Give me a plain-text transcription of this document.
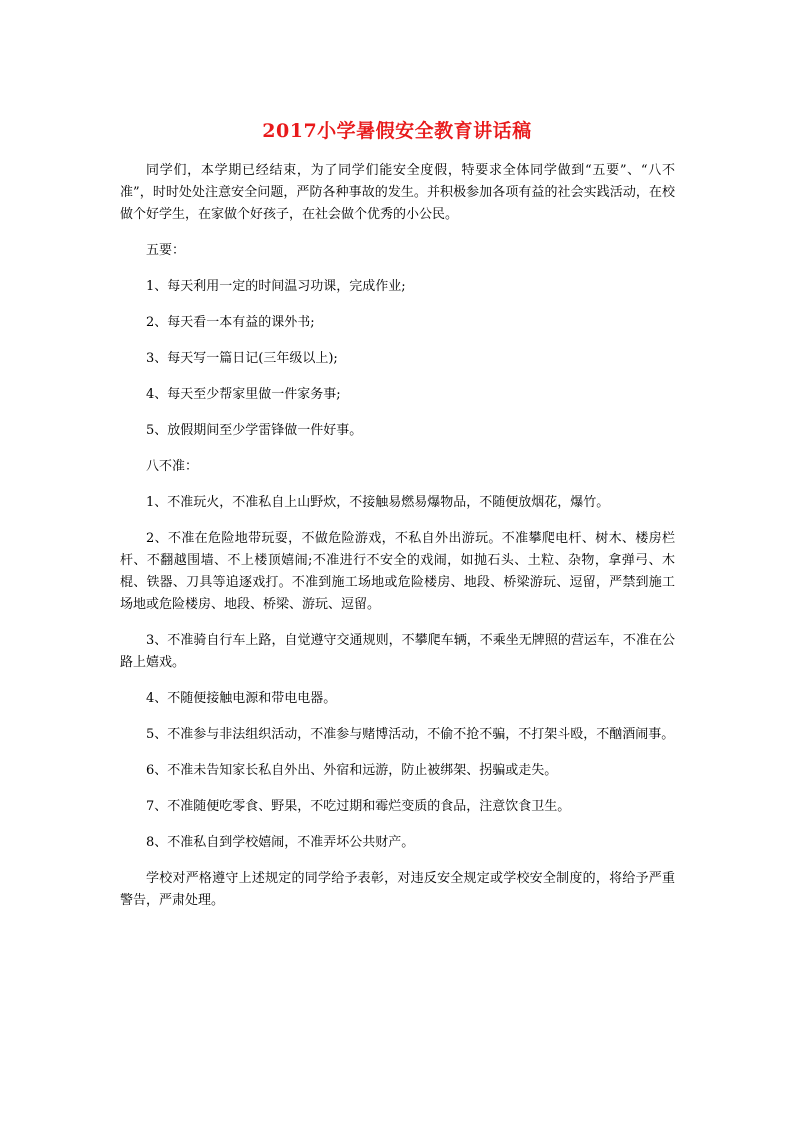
2017小学暑假安全教育讲话稿

同学们，本学期已经结束，为了同学们能安全度假，特要求全体同学做到“五要”、“八不准”，时时处处注意安全问题，严防各种事故的发生。并积极参加各项有益的社会实践活动，在校做个好学生，在家做个好孩子，在社会做个优秀的小公民。

五要：

1、每天利用一定的时间温习功课，完成作业;

2、每天看一本有益的课外书;

3、每天写一篇日记(三年级以上);

4、每天至少帮家里做一件家务事;

5、放假期间至少学雷锋做一件好事。

八不准：

1、不准玩火，不准私自上山野炊，不接触易燃易爆物品，不随便放烟花，爆竹。

2、不准在危险地带玩耍，不做危险游戏，不私自外出游玩。不准攀爬电杆、树木、楼房栏杆、不翻越围墙、不上楼顶嬉闹;不准进行不安全的戏闹，如抛石头、土粒、杂物，拿弹弓、木棍、铁器、刀具等追逐戏打。不准到施工场地或危险楼房、地段、桥梁游玩、逗留，严禁到施工场地或危险楼房、地段、桥梁、游玩、逗留。

3、不准骑自行车上路，自觉遵守交通规则，不攀爬车辆，不乘坐无牌照的营运车，不准在公路上嬉戏。

4、不随便接触电源和带电电器。

5、不准参与非法组织活动，不准参与赌博活动，不偷不抢不骗，不打架斗殴，不酗酒闹事。

6、不准未告知家长私自外出、外宿和远游，防止被绑架、拐骗或走失。

7、不准随便吃零食、野果，不吃过期和霉烂变质的食品，注意饮食卫生。

8、不准私自到学校嬉闹，不准弄坏公共财产。

学校对严格遵守上述规定的同学给予表彰，对违反安全规定或学校安全制度的，将给予严重警告，严肃处理。
